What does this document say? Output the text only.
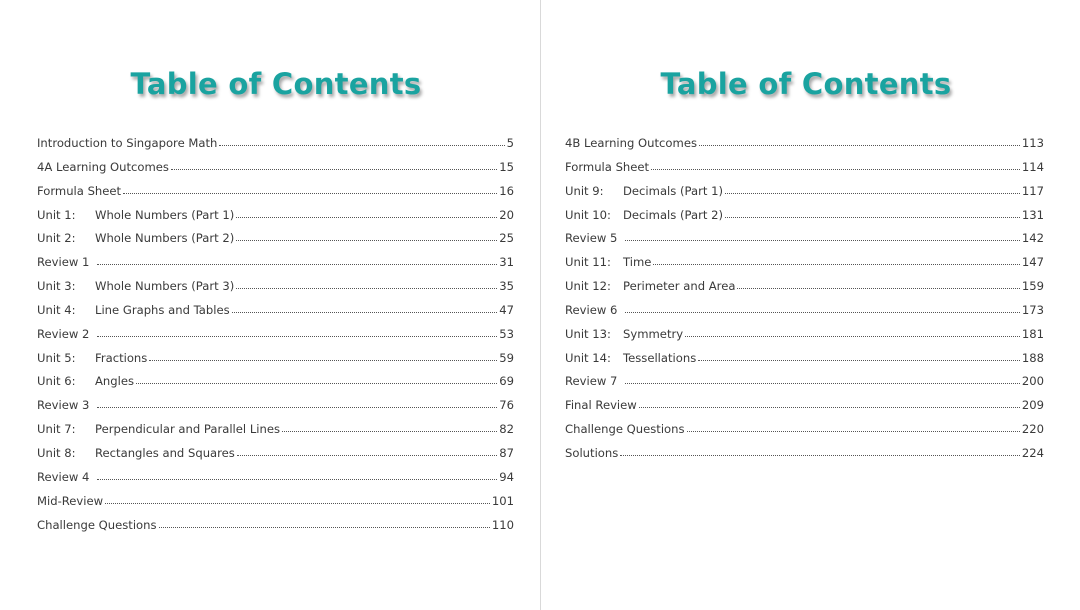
Table of Contents
Introduction to Singapore Math	5
4A Learning Outcomes	15
Formula Sheet	16
Unit 1: Whole Numbers (Part 1)	20
Unit 2: Whole Numbers (Part 2)	25
Review 1	31
Unit 3: Whole Numbers (Part 3)	35
Unit 4: Line Graphs and Tables	47
Review 2	53
Unit 5: Fractions	59
Unit 6: Angles	69
Review 3	76
Unit 7: Perpendicular and Parallel Lines	82
Unit 8: Rectangles and Squares	87
Review 4	94
Mid-Review	101
Challenge Questions	110
Table of Contents
4B Learning Outcomes	113
Formula Sheet	114
Unit 9: Decimals (Part 1)	117
Unit 10: Decimals (Part 2)	131
Review 5	142
Unit 11: Time	147
Unit 12: Perimeter and Area	159
Review 6	173
Unit 13: Symmetry	181
Unit 14: Tessellations	188
Review 7	200
Final Review	209
Challenge Questions	220
Solutions	224
